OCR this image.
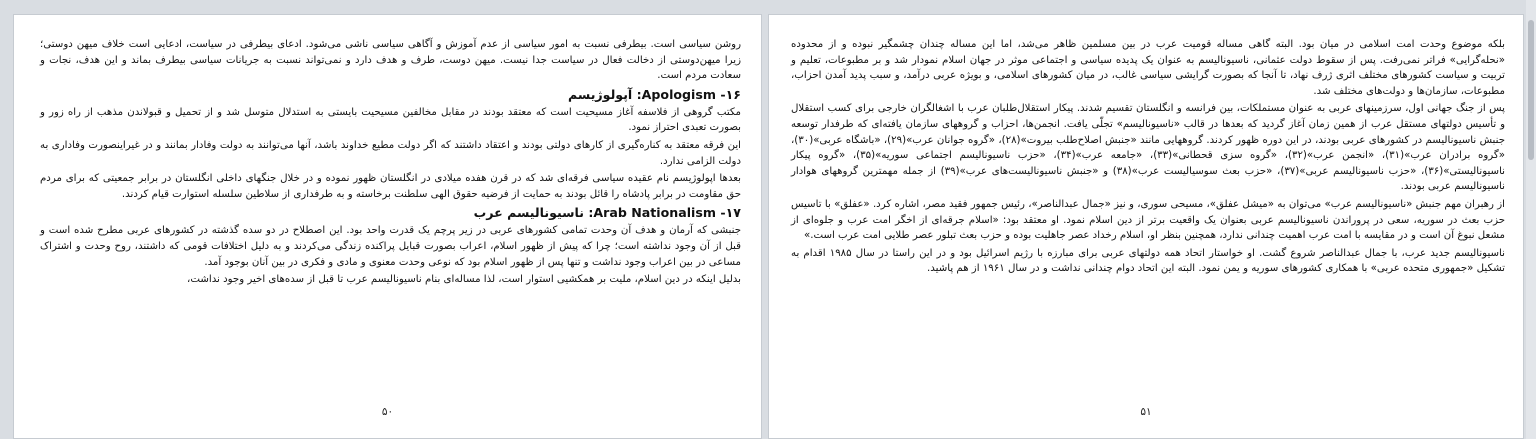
روشن سیاسی است. بیطرفی نسبت به امور سیاسی از عدم آموزش و آگاهی سیاسی ناشی می‌شود. ادعای بیطرفی در سیاست، ادعایی است خلاف میهن دوستی؛ زیرا میهن‌دوستی از دخالت فعال در سیاست جدا نیست. میهن دوست، طرف و هدف دارد و نمی‌تواند نسبت به جریانات سیاسی بیطرف بماند و این هدف، نجات و سعادت مردم است.

۱۶- Apologism: آپولوژیسم

مکتب گروهی از فلاسفه آغاز مسیحیت است که معتقد بودند در مقابل مخالفین مسیحیت بایستی به استدلال متوسل شد و از تحمیل و قبولاندن مذهب از راه زور و بصورت تعبدی احتراز نمود.

این فرقه معتقد به کناره‌گیری از کارهای دولتی بودند و اعتقاد داشتند که اگر دولت مطیع خداوند باشد، آنها می‌توانند به دولت وفادار بمانند و در غیراینصورت وفاداری به دولت الزامی ندارد.

بعدها اپولوژیسم نام عقیده سیاسی فرقه‌ای شد که در قرن هفده میلادی در انگلستان ظهور نموده و در خلال جنگهای داخلی انگلستان در برابر جمعیتی که برای مردم حق مقاومت در برابر پادشاه را قائل بودند به حمایت از فرضیه حقوق الهی سلطنت برخاسته و به طرفداری از سلاطین سلسله استوارت قیام کردند.

۱۷- Arab Nationalism: ناسیونالیسم عرب

جنبشی که آرمان و هدف آن وحدت تمامی کشورهای عربی در زیر پرچم یک قدرت واحد بود. این اصطلاح در دو سده گذشته در کشورهای عربی مطرح شده است و قبل از آن وجود نداشته است؛ چرا که پیش از ظهور اسلام، اعراب بصورت قبایل پراکنده زندگی می‌کردند و به دلیل اختلافات قومی که داشتند، روح وحدت و اشتراک مساعی در بین اعراب وجود نداشت و تنها پس از ظهور اسلام بود که نوعی وحدت معنوی و مادی و فکری در بین آنان بوجود آمد.

بدلیل اینکه در دین اسلام، ملیت بر همکشیی استوار است، لذا مساله‌ای بنام ناسیونالیسم عرب تا قبل از سده‌های اخیر وجود نداشت،

۵۰

بلکه موضوع وحدت امت اسلامی در میان بود. البته گاهی مساله قومیت عرب در بین مسلمین ظاهر می‌شد، اما این مساله چندان چشمگیر نبوده و از محدوده «نحله‌گرایی» فراتر نمی‌رفت. پس از سقوط دولت عثمانی، ناسیونالیسم به عنوان یک پدیده سیاسی و اجتماعی موثر در جهان اسلام نمودار شد و بر مطبوعات، تعلیم و تربیت و سیاست کشورهای مختلف اثری ژرف نهاد، تا آنجا که بصورت گرایشی سیاسی غالب، در میان کشورهای اسلامی، و بویژه عربی درآمد، و سبب پدید آمدن احزاب، مطبوعات، سازمان‌ها و دولت‌های مختلف شد.

پس از جنگ جهانی اول، سرزمینهای عربی به عنوان مستملکات، بین فرانسه و انگلستان تقسیم شدند. پیکار استقلال‌طلبان عرب با اشغالگران خارجی برای کسب استقلال و تأسیس دولتهای مستقل عرب از همین زمان آغاز گردید که بعدها در قالب «ناسیونالیسم» تجلّی یافت. انجمن‌ها، احزاب و گروههای سازمان یافته‌ای که طرفدار توسعه جنبش ناسیونالیسم در کشورهای عربی بودند، در این دوره ظهور کردند. گروههایی مانند «جنبش اصلاح‌طلب بیروت»(۲۸)، «گروه جوانان عرب»(۲۹)، «باشگاه عربی»(۳۰)، «گروه برادران عرب»(۳۱)، «انجمن عرب»(۳۲)، «گروه سزی قحطانی»(۳۳)، «جامعه عرب»(۳۴)، «حزب ناسیونالیسم اجتماعی سوریه»(۳۵)، «گروه پیکار ناسیونالیستی»(۳۶)، «حزب ناسیونالیسم عربی»(۳۷)، «حزب بعث سوسیالیست عرب»(۳۸) و «جنبش ناسیونالیست‌های عرب»(۳۹) از جمله مهمترین گروههای هوادار ناسیونالیسم عربی بودند.

از رهبران مهم جنبش «ناسیونالیسم عرب» می‌توان به «میشل عفلق»، مسیحی سوری، و نیز «جمال عبدالناصر»، رئیس جمهور فقید مصر، اشاره کرد. «عفلق» با تاسیس حزب بعث در سوریه، سعی در پروراندن ناسیونالیسم عربی بعنوان یک واقعیت برتر از دین اسلام نمود. او معتقد بود: «اسلام جرقه‌ای از اخگر امت عرب و جلوه‌ای از مشعل نبوغ آن است و در مقایسه با امت عرب اهمیت چندانی ندارد، همچنین بنظر او، اسلام رخداد عصر جاهلیت بوده و حزب بعث تبلور عصر طلایی امت عرب است.»

ناسیونالیسم جدید عرب، با جمال عبدالناصر شروع گشت. او خواستار اتحاد همه دولتهای عربی برای مبارزه با رژیم اسرائیل بود و در این راستا در سال ۱۹۸۵ اقدام به تشکیل «جمهوری متحده عربی» با همکاری کشورهای سوریه و یمن نمود. البته این اتحاد دوام چندانی نداشت و در سال ۱۹۶۱ از هم پاشید.

۵۱
